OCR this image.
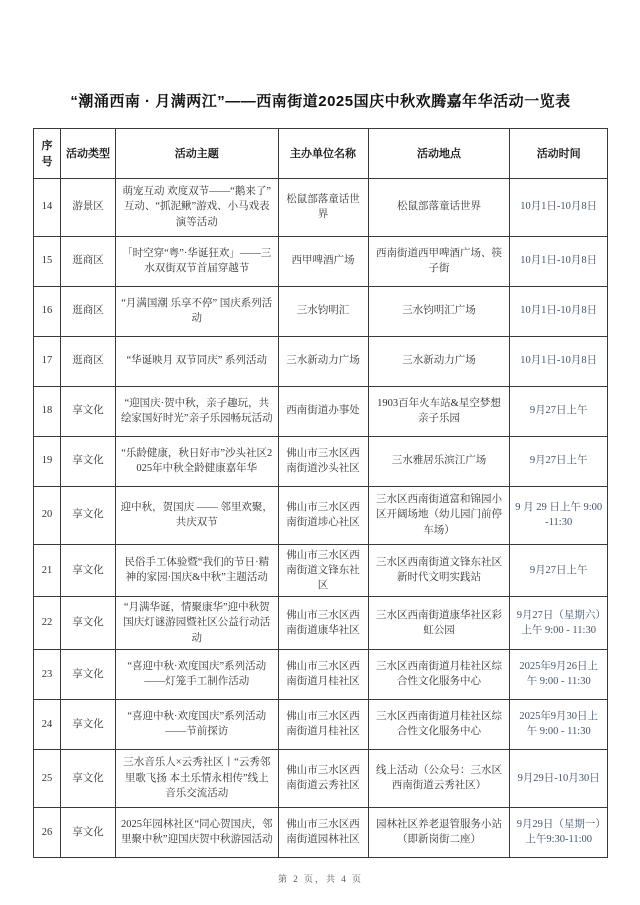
“潮涌西南 · 月满两江”——西南街道2025国庆中秋欢腾嘉年华活动一览表
序号	活动类型	活动主题	主办单位名称	活动地点	活动时间
14	游景区	萌宠互动 欢度双节——“鹅来了”互动、“抓泥鳅”游戏、小马戏表演等活动	松鼠部落童话世界	松鼠部落童话世界	10月1日-10月8日
15	逛商区	「时空穿“粤”·华诞狂欢」——三水双街双节首届穿越节	西甲啤酒广场	西南街道西甲啤酒广场、筷子街	10月1日-10月8日
16	逛商区	“月满国潮 乐享不停” 国庆系列活动	三水钧明汇	三水钧明汇广场	10月1日-10月8日
17	逛商区	“华诞映月 双节同庆” 系列活动	三水新动力广场	三水新动力广场	10月1日-10月8日
18	享文化	“迎国庆·贺中秋，亲子趣玩，共绘家国好时光”亲子乐园畅玩活动	西南街道办事处	1903百年火车站&星空梦想亲子乐园	9月27日上午
19	享文化	“乐龄健康，秋日好市”沙头社区2025年中秋全龄健康嘉年华	佛山市三水区西南街道沙头社区	三水雅居乐滨江广场	9月27日上午
20	享文化	迎中秋，贺国庆 —— 邻里欢聚，共庆双节	佛山市三水区西南街道埗心社区	三水区西南街道富和锦园小区开阔场地（幼儿园门前停车场）	9 月 29 日上午 9:00-11:30
21	享文化	民俗手工体验暨“我们的节日·精神的家园·国庆&中秋”主题活动	佛山市三水区西南街道文锋东社区	三水区西南街道文锋东社区新时代文明实践站	9月27日上午
22	享文化	“月满华诞，情聚康华”迎中秋贺国庆灯谜游园暨社区公益行动活动	佛山市三水区西南街道康华社区	三水区西南街道康华社区彩虹公园	9月27日（星期六）上午 9:00 - 11:30
23	享文化	“喜迎中秋·欢度国庆”系列活动——灯笼手工制作活动	佛山市三水区西南街道月桂社区	三水区西南街道月桂社区综合性文化服务中心	2025年9月26日上午 9:00 - 11:30
24	享文化	“喜迎中秋·欢度国庆”系列活动——节前探访	佛山市三水区西南街道月桂社区	三水区西南街道月桂社区综合性文化服务中心	2025年9月30日上午 9:00 - 11:30
25	享文化	三水音乐人×云秀社区丨“云秀邻里歌飞扬 本土乐情永相传”线上音乐交流活动	佛山市三水区西南街道云秀社区	线上活动（公众号：三水区西南街道云秀社区）	9月29日-10月30日
26	享文化	2025年园林社区“同心贺国庆，邻里聚中秋”迎国庆贺中秋游园活动	佛山市三水区西南街道园林社区	园林社区养老退管服务小站（即新岗街二座）	9月29日（星期一）上午9:30-11:00
第 2 页，共 4 页
